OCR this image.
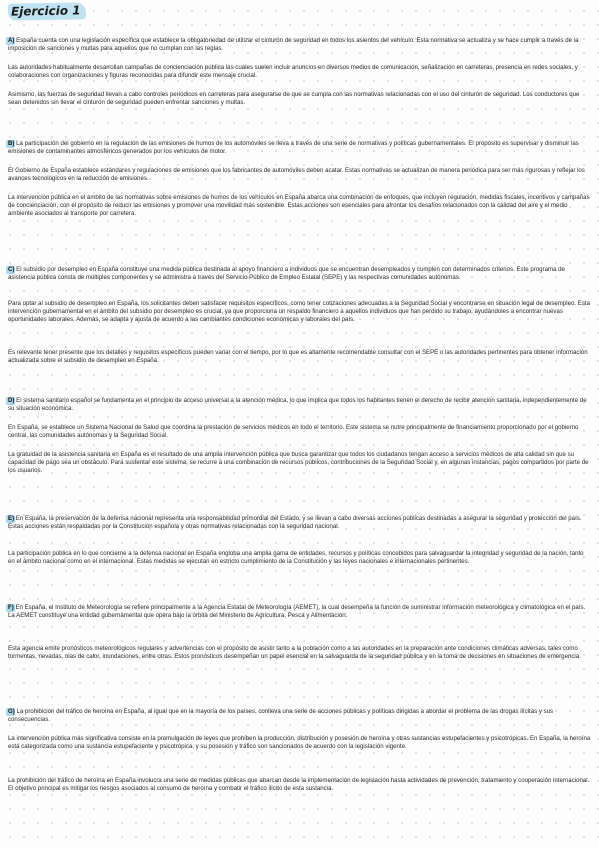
Ejercicio 1

A) España cuenta con una legislación específica que establece la obligatoriedad de utilizar el cinturón de seguridad en todos los asientos del vehículo. Esta normativa se actualiza y se hace cumplir a través de la imposición de sanciones y multas para aquellos que no cumplan con las reglas.

Las autoridades habitualmente desarrollan campañas de concienciación pública las cuales suelen incluir anuncios en diversos medios de comunicación, señalización en carreteras, presencia en redes sociales, y colaboraciones con organizaciones y figuras reconocidas para difundir este mensaje crucial.

Asimismo, las fuerzas de seguridad llevan a cabo controles periódicos en carreteras para asegurarse de que se cumpla con las normativas relacionadas con el uso del cinturón de seguridad. Los conductores que sean detenidos sin llevar el cinturón de seguridad pueden enfrentar sanciones y multas.

B) La participación del gobierno en la regulación de las emisiones de humos de los automóviles se lleva a través de una serie de normativas y políticas gubernamentales. El propósito es supervisar y disminuir las emisiones de contaminantes atmosféricos generados por los vehículos de motor.

El Gobierno de España establece estándares y regulaciones de emisiones que los fabricantes de automóviles deben acatar. Estas normativas se actualizan de manera periódica para ser más rigurosas y reflejar los avances tecnológicos en la reducción de emisiones.

La intervención pública en el ámbito de las normativas sobre emisiones de humos de los vehículos en España abarca una combinación de enfoques, que incluyen regulación, medidas fiscales, incentivos y campañas de concienciación, con el propósito de reducir las emisiones y promover una movilidad más sostenible. Estas acciones son esenciales para afrontar los desafíos relacionados con la calidad del aire y el medio ambiente asociados al transporte por carretera.

C) El subsidio por desempleo en España constituye una medida pública destinada al apoyo financiero a individuos que se encuentran desempleados y cumplen con determinados criterios. Este programa de asistencia pública consta de múltiples componentes y se administra a través del Servicio Público de Empleo Estatal (SEPE) y las respectivas comunidades autónomas.

Para optar al subsidio de desempleo en España, los solicitantes deben satisfacer requisitos específicos, como tener cotizaciones adecuadas a la Seguridad Social y encontrarse en situación legal de desempleo. Esta intervención gubernamental en el ámbito del subsidio por desempleo es crucial, ya que proporciona un respaldo financiero a aquellos individuos que han perdido su trabajo, ayudándoles a encontrar nuevas oportunidades laborales. Además, se adapta y ajusta de acuerdo a las cambiantes condiciones económicas y laborales del país.

Es relevante tener presente que los detalles y requisitos específicos pueden variar con el tiempo, por lo que es altamente recomendable consultar con el SEPE o las autoridades pertinentes para obtener información actualizada sobre el subsidio de desempleo en España.

D) El sistema sanitario español se fundamenta en el principio de acceso universal a la atención médica, lo que implica que todos los habitantes tienen el derecho de recibir atención sanitaria, independientemente de su situación económica.

En España, se establece un Sistema Nacional de Salud que coordina la prestación de servicios médicos en todo el territorio. Este sistema se nutre principalmente de financiamiento proporcionado por el gobierno central, las comunidades autónomas y la Seguridad Social.

La gratuidad de la asistencia sanitaria en España es el resultado de una amplia intervención pública que busca garantizar que todos los ciudadanos tengan acceso a servicios médicos de alta calidad sin que su capacidad de pago sea un obstáculo. Para sustentar este sistema, se recurre a una combinación de recursos públicos, contribuciones de la Seguridad Social y, en algunas instancias, pagos compartidos por parte de los usuarios.

E) En España, la preservación de la defensa nacional representa una responsabilidad primordial del Estado, y se llevan a cabo diversas acciones públicas destinadas a asegurar la seguridad y protección del país. Estas acciones están respaldadas por la Constitución española y otras normativas relacionadas con la seguridad nacional.

La participación pública en lo que concierne a la defensa nacional en España engloba una amplia gama de entidades, recursos y políticas concebidos para salvaguardar la integridad y seguridad de la nación, tanto en el ámbito nacional como en el internacional. Estas medidas se ejecutan en estricto cumplimiento de la Constitución y las leyes nacionales e internacionales pertinentes.

F) En España, el Instituto de Meteorología se refiere principalmente a la Agencia Estatal de Meteorología (AEMET), la cual desempeña la función de suministrar información meteorológica y climatológica en el país. La AEMET constituye una entidad gubernamental que opera bajo la órbita del Ministerio de Agricultura, Pesca y Alimentación.

Esta agencia emite pronósticos meteorológicos regulares y advertencias con el propósito de asistir tanto a la población como a las autoridades en la preparación ante condiciones climáticas adversas, tales como tormentas, nevadas, olas de calor, inundaciones, entre otras. Estos pronósticos desempeñan un papel esencial en la salvaguarda de la seguridad pública y en la toma de decisiones en situaciones de emergencia.

G) La prohibición del tráfico de heroína en España, al igual que en la mayoría de los países, conlleva una serie de acciones públicas y políticas dirigidas a abordar el problema de las drogas ilícitas y sus consecuencias.

La intervención pública más significativa consiste en la promulgación de leyes que prohíben la producción, distribución y posesión de heroína y otras sustancias estupefacientes y psicotrópicas. En España, la heroína está categorizada como una sustancia estupefaciente y psicotrópica, y su posesión y tráfico son sancionados de acuerdo con la legislación vigente.

La prohibición del tráfico de heroína en España involucra una serie de medidas públicas que abarcan desde la implementación de legislación hasta actividades de prevención, tratamiento y cooperación internacional. El objetivo principal es mitigar los riesgos asociados al consumo de heroína y combatir el tráfico ilícito de esta sustancia.
